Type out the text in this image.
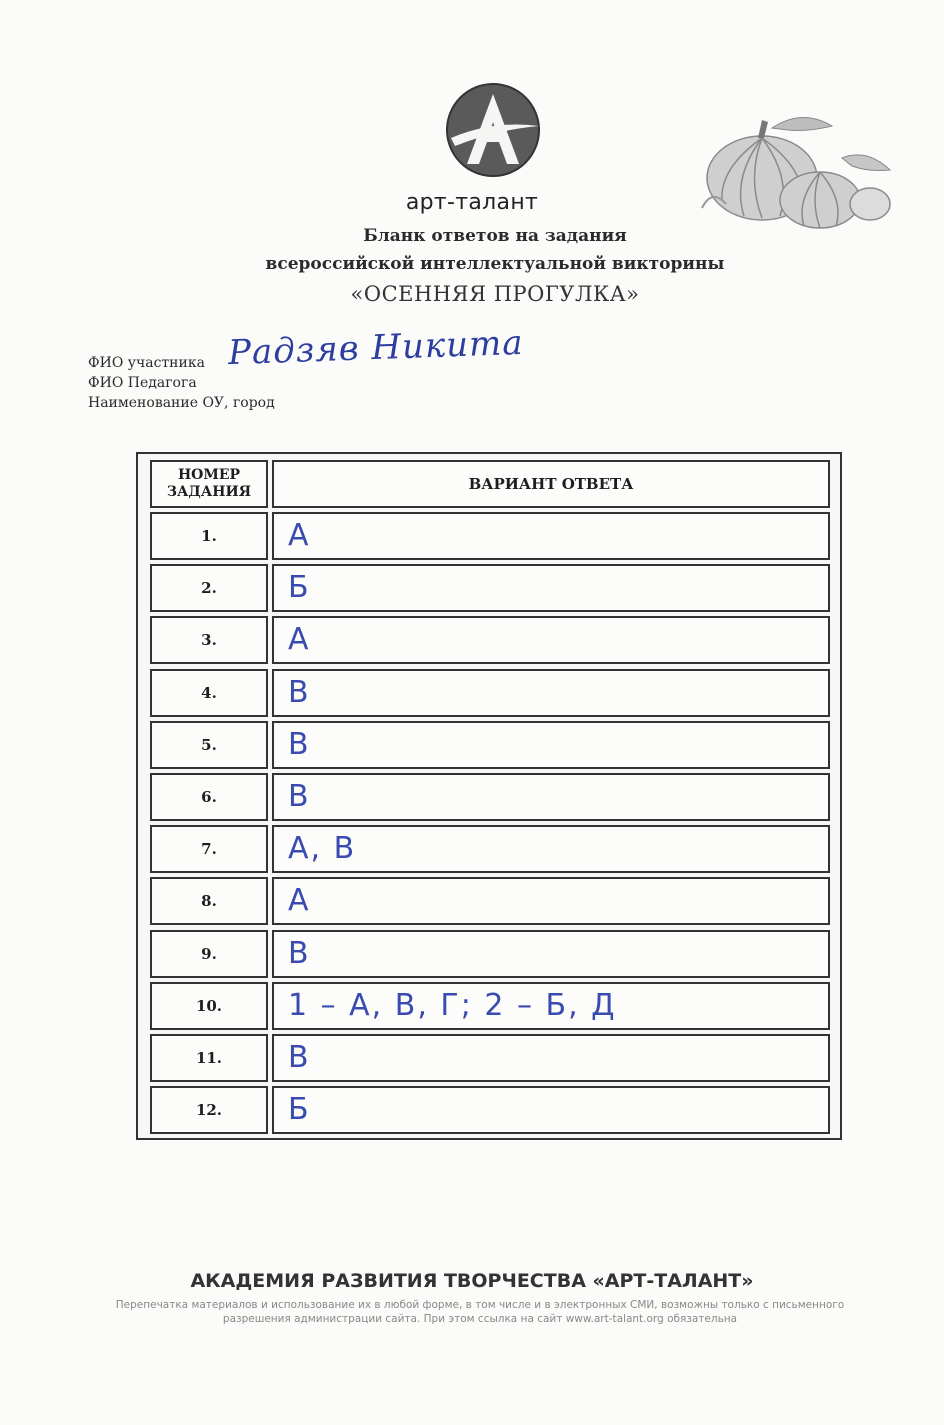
арт-талант
Бланк ответов на задания
всероссийской интеллектуальной викторины
«ОСЕННЯЯ ПРОГУЛКА»
ФИО участника
ФИО Педагога
Наименование ОУ, город
Радзяв Никита
НОМЕР ЗАДАНИЯ	ВАРИАНТ ОТВЕТА
1.	А
2.	Б
3.	А
4.	В
5.	В
6.	В
7.	А, В
8.	А
9.	В
10.	1 – А, В, Г; 2 – Б, Д
11.	В
12.	Б
АКАДЕМИЯ РАЗВИТИЯ ТВОРЧЕСТВА «АРТ-ТАЛАНТ»
Перепечатка материалов и использование их в любой форме, в том числе и в электронных СМИ, возможны только с письменного разрешения администрации сайта. При этом ссылка на сайт www.art-talant.org обязательна
